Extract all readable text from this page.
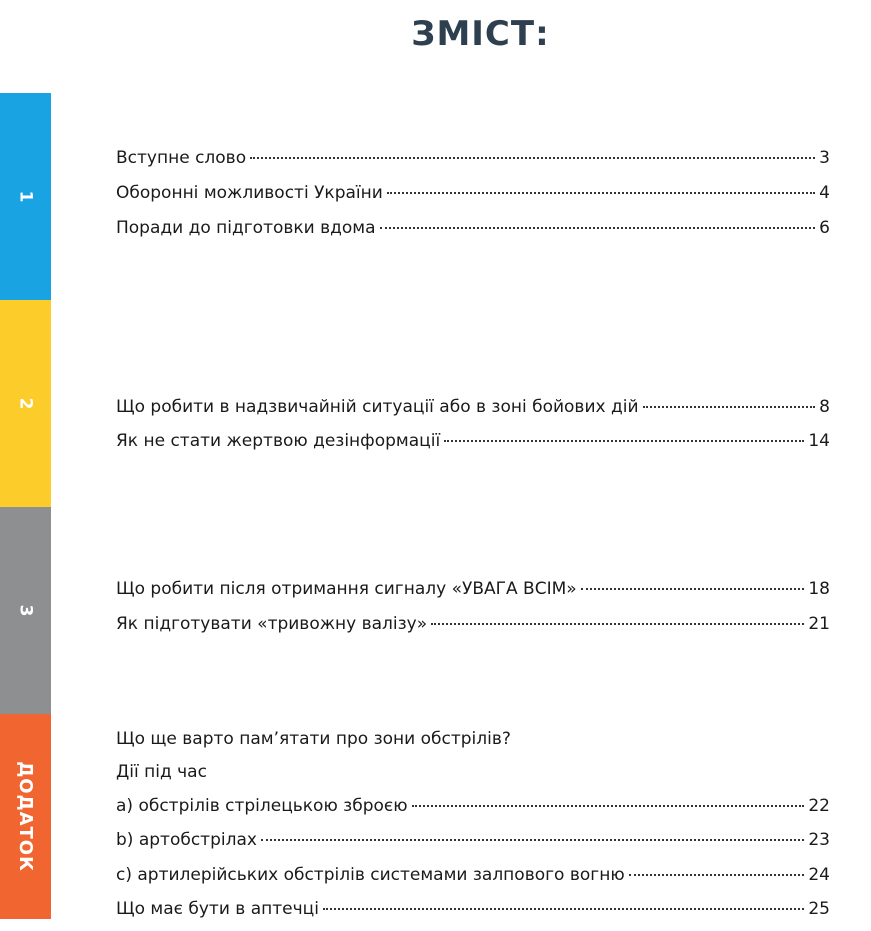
ЗМІСТ:
1
2
3
ДОДАТОК
Вступне слово	3
Оборонні можливості України	4
Поради до підготовки вдома	6
Що робити в надзвичайній ситуації або в зоні бойових дій	8
Як не стати жертвою дезінформації	14
Що робити після отримання сигналу «УВАГА ВСІМ»	18
Як підготувати «тривожну валізу»	21
Що ще варто пам’ятати про зони обстрілів?
Дії під час
а) обстрілів стрілецькою зброєю	22
b) артобстрілах	23
с) артилерійських обстрілів системами залпового вогню	24
Що має бути в аптечці	25
